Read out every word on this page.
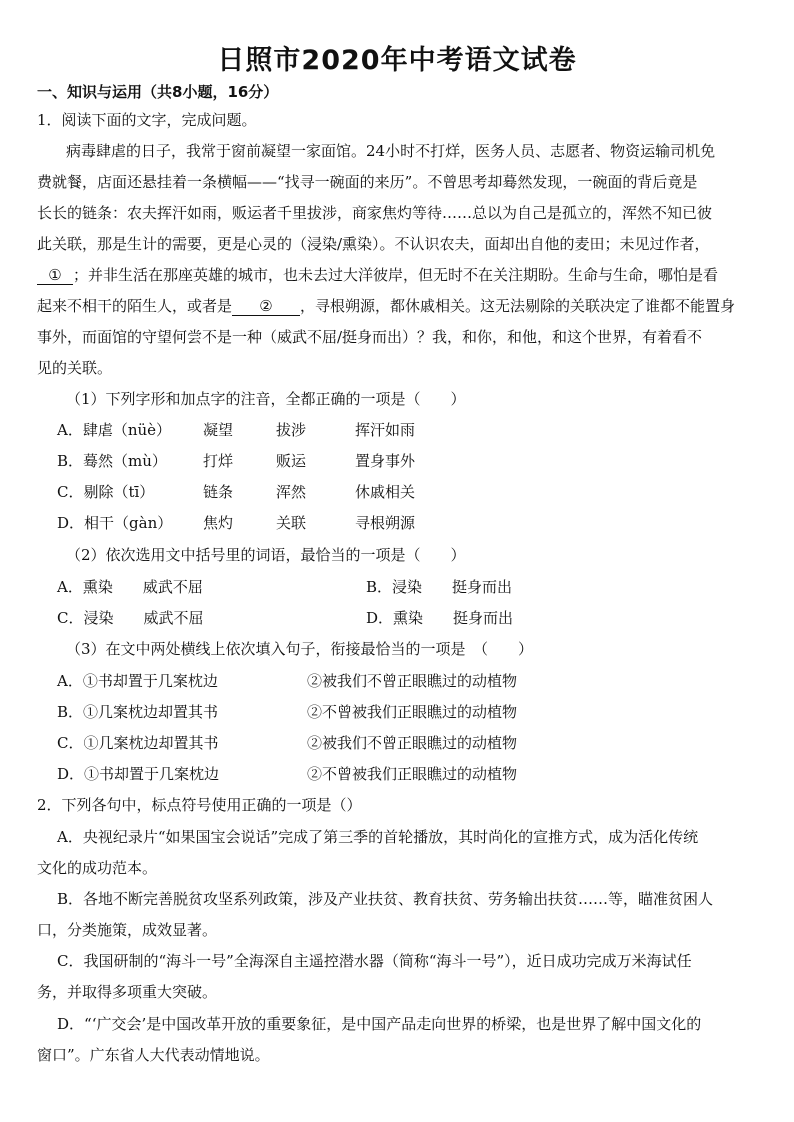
日照市2020年中考语文试卷
一、知识与运用（共8小题，16分）
1．阅读下面的文字，完成问题。
病毒肆虐的日子，我常于窗前凝望一家面馆。24小时不打烊，医务人员、志愿者、物资运输司机免
费就餐，店面还悬挂着一条横幅——“找寻一碗面的来历”。不曾思考却蓦然发现，一碗面的背后竟是
长长的链条：农夫挥汗如雨，贩运者千里拔涉，商家焦灼等待……总以为自己是孤立的，浑然不知已彼
此关联，那是生计的需要，更是心灵的（浸染/熏染）。不认识农夫，面却出自他的麦田；未见过作者，
① ；并非生活在那座英雄的城市，也未去过大洋彼岸，但无时不在关注期盼。生命与生命，哪怕是看
起来不相干的陌生人，或者是 ② ，寻根朔源，都休戚相关。这无法剔除的关联决定了谁都不能置身
事外，而面馆的守望何尝不是一种（威武不屈/挺身而出）？我，和你，和他，和这个世界，有着看不
见的关联。
（1）下列字形和加点字的注音，全都正确的一项是（　　）
A．肆虐（nüè） 凝望	拔涉	挥汗如雨
B．蓦然（mù） 打烊	贩运	置身事外
C．剔除（tī）	链条	浑然	休戚相关
D．相干（gàn） 焦灼	关联	寻根朔源
（2）依次选用文中括号里的词语，最恰当的一项是（　　）
A．熏染　　威武不屈	B．浸染　　挺身而出
C．浸染　　威武不屈	D．熏染　　挺身而出
（3）在文中两处横线上依次填入句子，衔接最恰当的一项是　（　　）
A．①书却置于几案枕边	②被我们不曾正眼瞧过的动植物
B．①几案枕边却置其书	②不曾被我们正眼瞧过的动植物
C．①几案枕边却置其书	②被我们不曾正眼瞧过的动植物
D．①书却置于几案枕边	②不曾被我们正眼瞧过的动植物
2．下列各句中，标点符号使用正确的一项是（）
A．央视纪录片“如果国宝会说话”完成了第三季的首轮播放，其时尚化的宣推方式，成为活化传统
文化的成功范本。
B．各地不断完善脱贫攻坚系列政策，涉及产业扶贫、教育扶贫、劳务输出扶贫……等，瞄准贫困人
口，分类施策，成效显著。
C．我国研制的“海斗一号”全海深自主遥控潜水器（简称“海斗一号”），近日成功完成万米海试任
务，并取得多项重大突破。
D．“‘广交会’是中国改革开放的重要象征，是中国产品走向世界的桥梁，也是世界了解中国文化的
窗口”。广东省人大代表动情地说。
